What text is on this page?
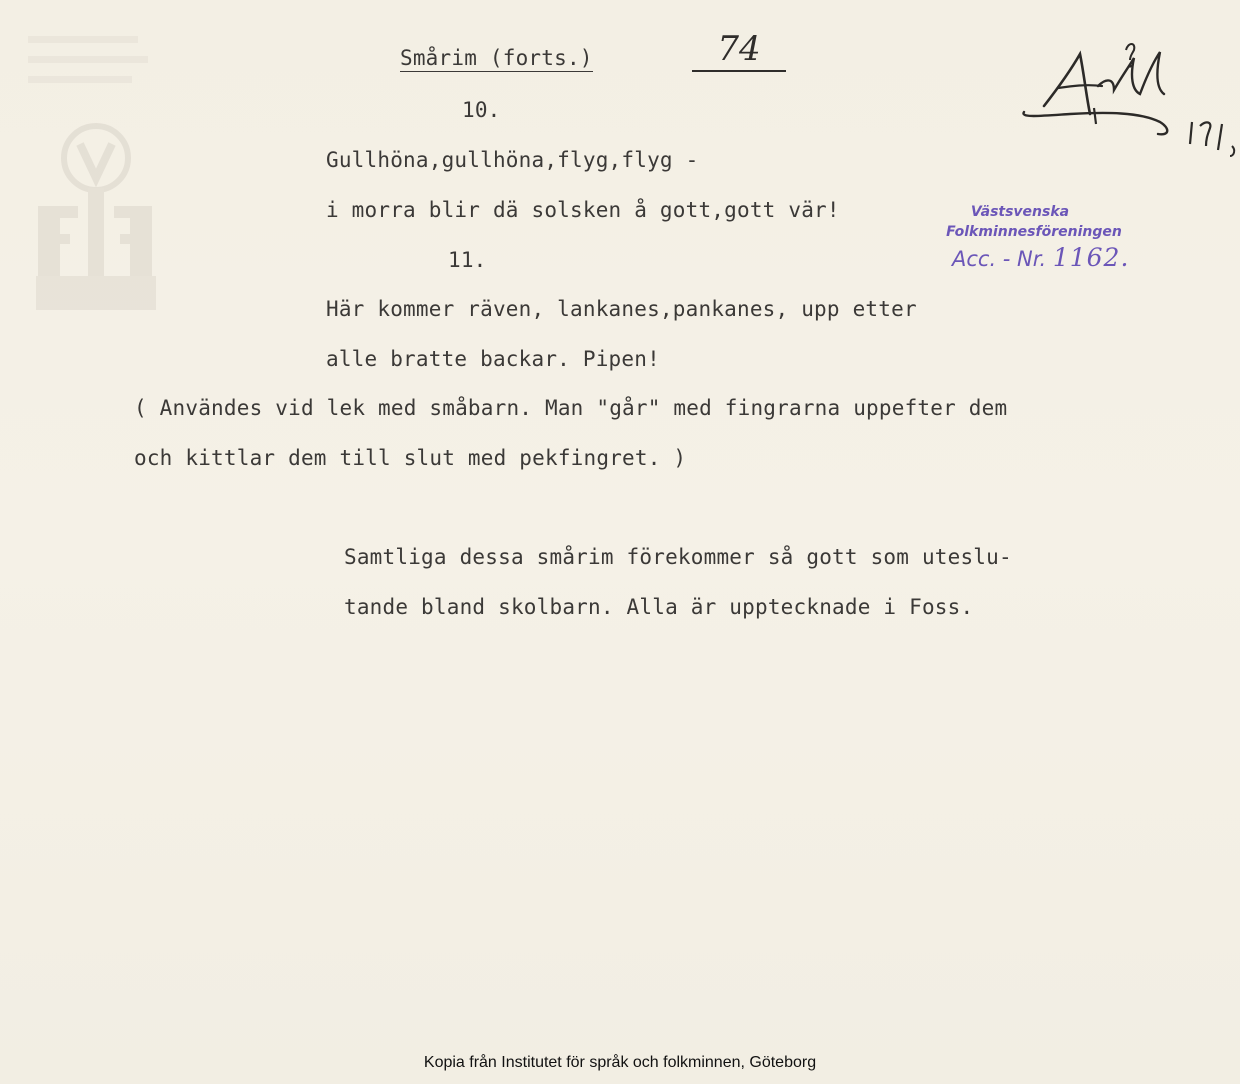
Smårim (forts.)	74
10.
Gullhöna,gullhöna,flyg,flyg -
i morra blir dä solsken å gott,gott vär!
11.
Här kommer räven, lankanes,pankanes, upp etter
alle bratte backar. Pipen!
( Användes vid lek med småbarn. Man "går" med fingrarna uppefter dem
och kittlar dem till slut med pekfingret. )
Samtliga dessa smårim förekommer så gott som uteslu-
tande bland skolbarn. Alla är upptecknade i Foss.
Västsvenska
Folkminnesföreningen
Acc. - Nr. 1162.
Kopia från Institutet för språk och folkminnen, Göteborg
